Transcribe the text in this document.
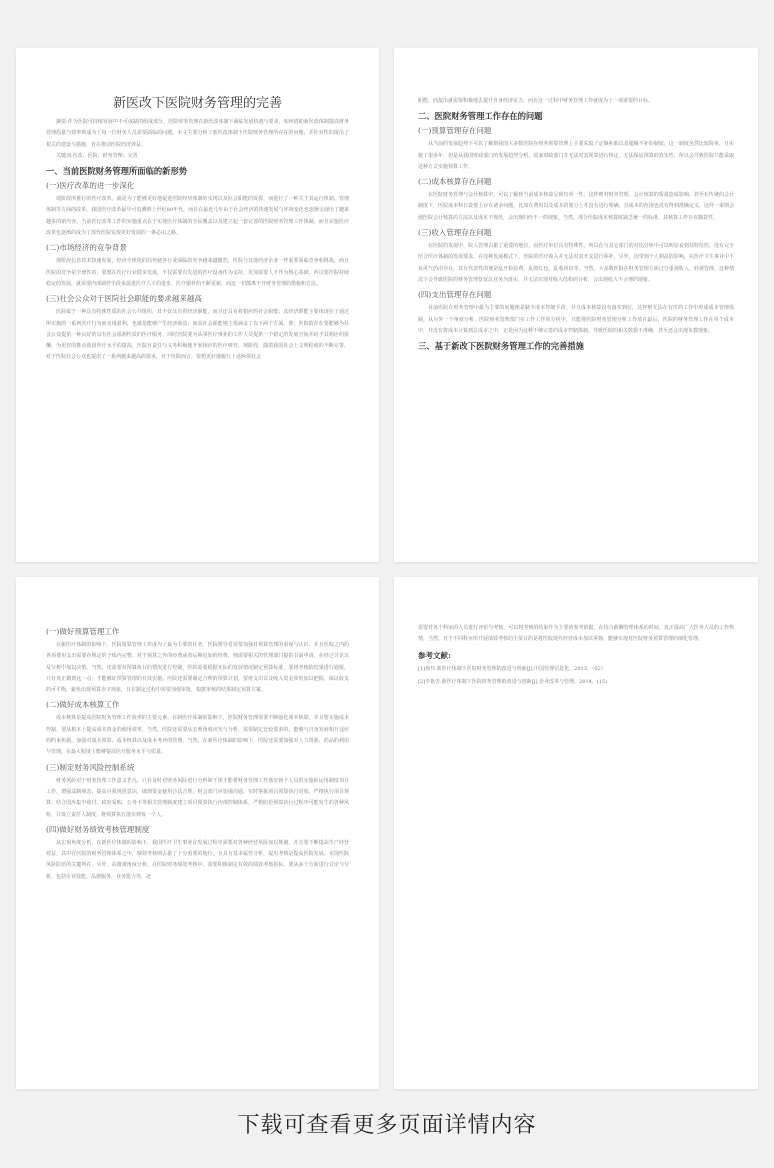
新医改下医院财务管理的完善

摘要:作为医院可持续发展中不可或缺的组成部分，医院财务管理在新医改体制下面临发展机遇与要求，如何借助新医改体制提高财务管理质量与效率则成为了每一位财务人员需要面临的问题。本文主要分析了新医改体制下医院财务管理所存在的问题，并针对性的提出了相关的建设与措施，旨在推动医院经济效益。

关键词:医改；医院；财务管理；完善

一、当前医院财务管理所面临的新形势
(一)医疗改革的进一步深化

现阶段所推行的医疗改革，就是为了能够更好地促进医院经济体制的实现以及社会职能的发挥，而进行了一种关于其运行机制、管理体制等方面的改革，我国医疗改革最早可追溯到上世纪80年代，而且在最近几年由于社会经济的快速发展与环境变化也逐渐呈现出了越来越多的新内容，当前医疗改革工作的实施重点在于实现医疗体制的全民覆盖以及建立起一套完善的医院财务管理工作体制，而且实施医疗改革也逐渐的成为了现代医院实现更好发展的一条必由之路。

(二)市场经济的竞争背景

现阶段信息技术快速发展，经济全球化的局势使各行业面临的竞争越来越激烈，医院与其他经济企业一样需要面临竞争和挑战，而且医院的竞争是全球性的，要想在医疗行业稳步发展，不仅需要有先进的医疗设备作为支持，更加需要人才作为核心基础，所以要医院持续稳定的发展，就需要内部调控手段来促进医疗人才的进步，医疗器材的不断更新，而这一切都离不开财务管理的措施和方法。

(三)社会公众对于医院社会职能的要求越来越高

医院属于一种具有特殊性质的社会公共组织，其不仅具有着经济职能，而且还具有着相应的社会职能；其经济职能主要体现在于通过所实施的一系列医疗行为而实现盈利，也就是能够产生经济收益；而其社会职能则主要涵盖了以下两个方面，即：医院的存在要能够为社会公众提供一种良好的具有社会福利性质的医疗服务，同时医院要为从事医疗事业的工作人员提供一个稳定的发展空间并给予其相应的报酬，为更好的推动我国医疗水平的提高，医院有责任与义务积极地开展相应的医疗研究、现阶段，随着我国社会上文明程度的不断完善，对于医院社会公众也提出了一系列越来越高的要求，对于医院而言，要想更好地履行上述两项社会

职能，而提出就需要积极地去提升自身经济实力，而在这一过程中财务管理工作就成为了一项重要的目标。

二、医院财务管理工作存在的问题
(一)预算管理存在问题

从当前的发展趋势下可以了解到我国大多数医院在财务预算管理上主要采取了定额补助以及超额不补的制度，这一制度虽然比较简单，且实施了很多年，但是从我国财政部门的发展趋势分析，国家财政部门并无法对其预算进行核定，无法保证预算的真实性，所以会导致医院只能采取这种方式实施预算工作。

(二)成本核算存在问题

在医院财务管理与会计核算中，可以了解到当前成本核算呈现出单一性，这样则对财务管理、会计核算的质量造成影响。甚至在传统的会计制度下，医院成本科目设置上存在诸多问题，比如在费用以及成本的划分上并没有进行明确，且成本的范围也没有得到准确定义，这样一来则会使医院会计核算的方法以及成本不规范，会出现归经不一的现象，当然，部分医院成本核算时缺乏统一的标准，其核算工作存在随意性。

(三)收入管理存在问题

在医院的发展中，收入管理占据了重要的地位，因医疗单位具有特殊性，所以在与其它部门的对比分析中可以明显看到其特征性，没有完全结合医疗体制的发展要求，在这种发展模式下，医院的医疗收入并无法对其开支进行弥补，另外，因受到个人利益的影响，在医疗卫生事业中不良风气仍旧存在，其有代表性的便是乱开检验费、乱收红包、乱收回扣等，当然，大多数医院在财务管理方面过分重视收入，轻视管理，这种情况下会导致医院的财务管理仅仅以业务为落实，并无法实现对收入结构的分析，会出现收入不合理的现象。

(四)支出管理存在问题

目前医院在财务管理中最为主要的问题便是缺少成本控制手段，并且成本核算没有落实到位，这样则无法在有序的工作中形成成本管理体制，从另外一个角度分析，医院财务管理部门在工作工作的分析中，只能将医院财务管理分析工作放在最后，医院的财务管理工作在单个成本中，并没有将成本计算到总成本之中，正是因为这种不够完善的成本控制体制，导致医院的相关数据不准确，甚至还会出现负数现象。

三、基于新改下医院财务管理工作的完善措施
(一)做好预算管理工作

在新医疗体制的影响下，医院预算管理工作成为了最为主要的任务，医院领导者需要加强对预算管理的重视与认识，并且医院之内的各项费用支出需要在规定的子续内完整。对于预算之外的经费或者后期追加的经费，则需要相关的管理部门提供书面申请，在经过讨论以及分析中加以决策。当然，还需要对预算执行的情况进行控制，医院需要根据实际的发展情况制定预算标准，要将考核的结果进行通报，只有真正做到这一点，才能够证预算管理的有效实施。医院还需要制定合理的预算计划，要将支出以及收入资金涉密加以把握，保证收支的可平衡，避免出现预算赤字现象，且在制定过程中需要加强审批，根据审核的结果制定预算方案。

(二)做好成本核算工作

成本核算是提高医院财务管理工作效率的主要元素，在新医疗体制的影响下，医院财务管理需要不断强化成本核算，并且要实施成本控制，要从根本上提高成本资金的使用效率，当然，医院还需要从宏观角度出发与分析，需要制定比较要求的、能够与自身发展相互适应的约束机制，加强对成本预算、成本核算以及成本考评的管理。当然，在新医疗体制的影响下，医院还需要加强对人力资源、药品的利用与管理，在最大程度上能够提高医疗服务水平与质量。

(三)制定财务风险控制系统

财务风险对于财务管理工作意义非凡，只有及时对财务风险进行分析和干预才能将财务管理工作落实到个人员的实施的运用制度项目工作，增强法制观念，提高自我规范意识，做到资金使用合法合规，财会部门应加强沟通，实时掌握项目预算执行进度，严格执行项目预算、结合国库集中收付、政府采购、公务卡等相关管理制度建立项目预算执行内部控制体系，严格防范预算执行过程中可能发生的各种风险，并设立责任人制度，将预算执行落实到每一个人。

(四)做好财务绩效考核管理制度

从宏观角度分析，在新医疗体制的影响下，我国医疗卫生事业在发展过程中需要对各种经营风险加以规避，并且要不断提高生产经营效益，其中在医院的财务管理体系之中，绩效考核则占据了十分重要的地位，且具有基本属性分析，提出考核是提高医院发展、实现医院风险防范的关键所在，另外，从微观角度分析，在医院财务绩效考核中，需要积极制定有效的绩效考核指标，要从多个方面进行讨论与分析，包括专业技能、品德服务、业务能力等，还

需要对各个科室的人员进行评价与考核，可以将考核的结果作为主要的参考依据，在结合薪酬管理体系的时间，真正提高广大医务人员的工作热情，当然，对于不同科室所开展绩效考核的主要目的是将医院现代经营成本加以掌握，能够实现对医院财务预算管理的细化管理。

参考文献:

[1]苑玲.新医疗体制下医院财务管理的改进与创新[J].中国管理信息化，2013，（02）

[2]李艳芳.新医疗体制下医院财务管理的改进与创新[J].企业改革与管理，2014，(15)

下载可查看更多页面详情内容
